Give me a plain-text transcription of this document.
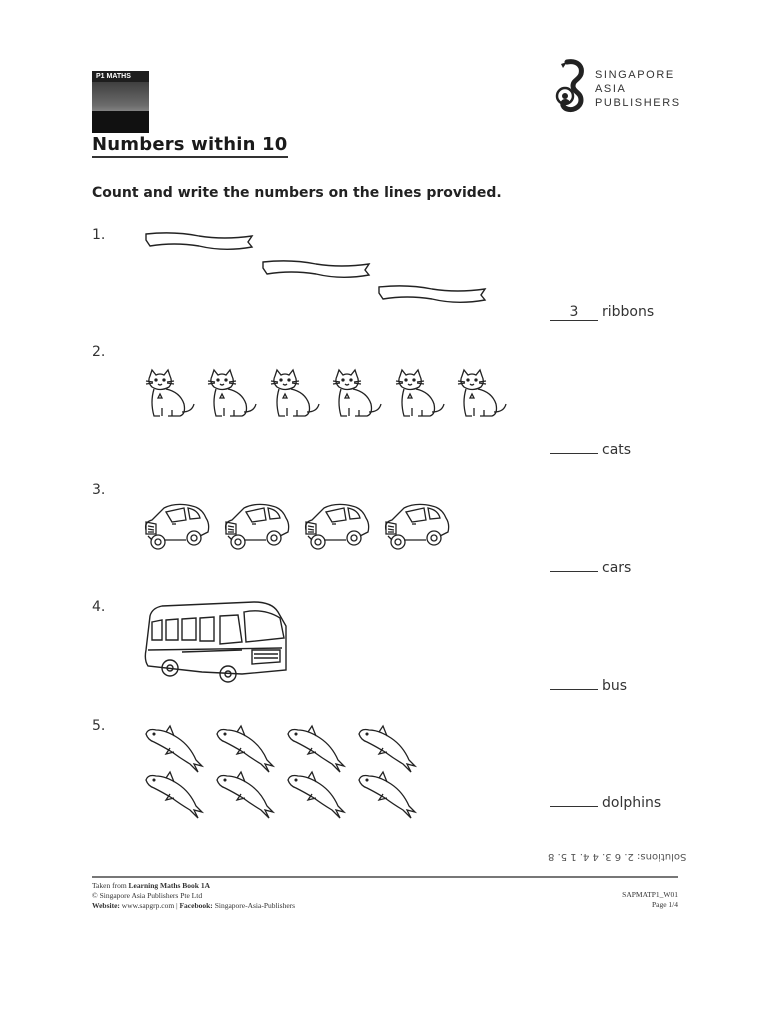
P1 MATHS	SINGAPORE
ASIA
PUBLISHERS
Numbers within 10
Count and write the numbers on the lines provided.
1.
3 ribbons
2.
cats
3.
cars
4.
bus
5.
dolphins
Solutions: 2. 6 3. 4 4. 1 5. 8
Taken from Learning Maths Book 1A
© Singapore Asia Publishers Pte Ltd
Website: www.sapgrp.com | Facebook: Singapore-Asia-Publishers
SAPMATP1_W01
Page 1/4
